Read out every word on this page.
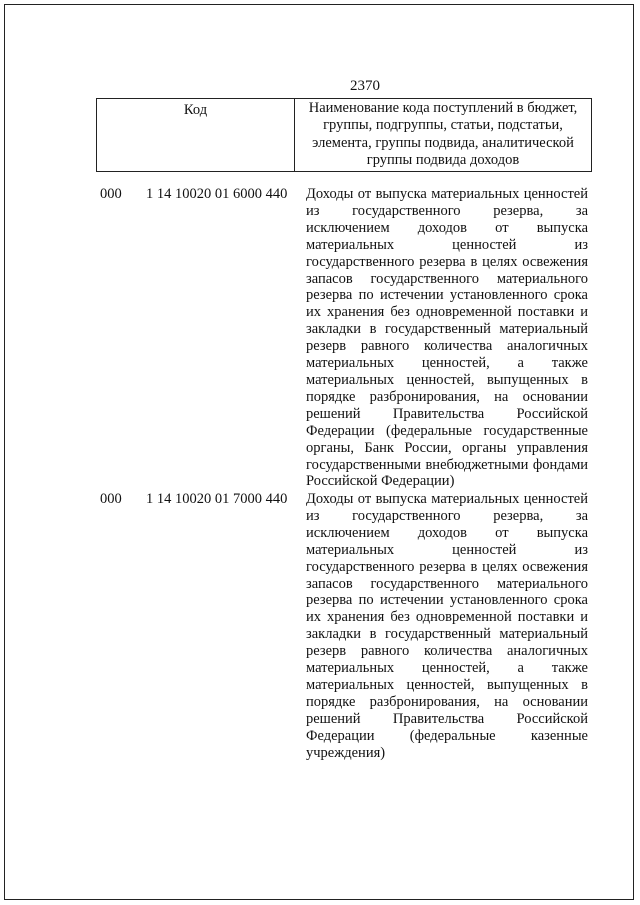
2370
Код	Наименование кода поступлений в бюджет, группы, подгруппы, статьи, подстатьи, элемента, группы подвида, аналитической группы подвида доходов
000 1 14 10020 01 6000 440 Доходы от выпуска материальных ценностей из государственного резерва, за исключением доходов от выпуска материальных ценностей из государственного резерва в целях освежения запасов государственного материального резерва по истечении установленного срока их хранения без одновременной поставки и закладки в государственный материальный резерв равного количества аналогичных материальных ценностей, а также материальных ценностей, выпущенных в порядке разбронирования, на основании решений Правительства Российской Федерации (федеральные государственные органы, Банк России, органы управления государственными внебюджетными фондами Российской Федерации)
000 1 14 10020 01 7000 440 Доходы от выпуска материальных ценностей из государственного резерва, за исключением доходов от выпуска материальных ценностей из государственного резерва в целях освежения запасов государственного материального резерва по истечении установленного срока их хранения без одновременной поставки и закладки в государственный материальный резерв равного количества аналогичных материальных ценностей, а также материальных ценностей, выпущенных в порядке разбронирования, на основании решений Правительства Российской Федерации (федеральные казенные учреждения)
